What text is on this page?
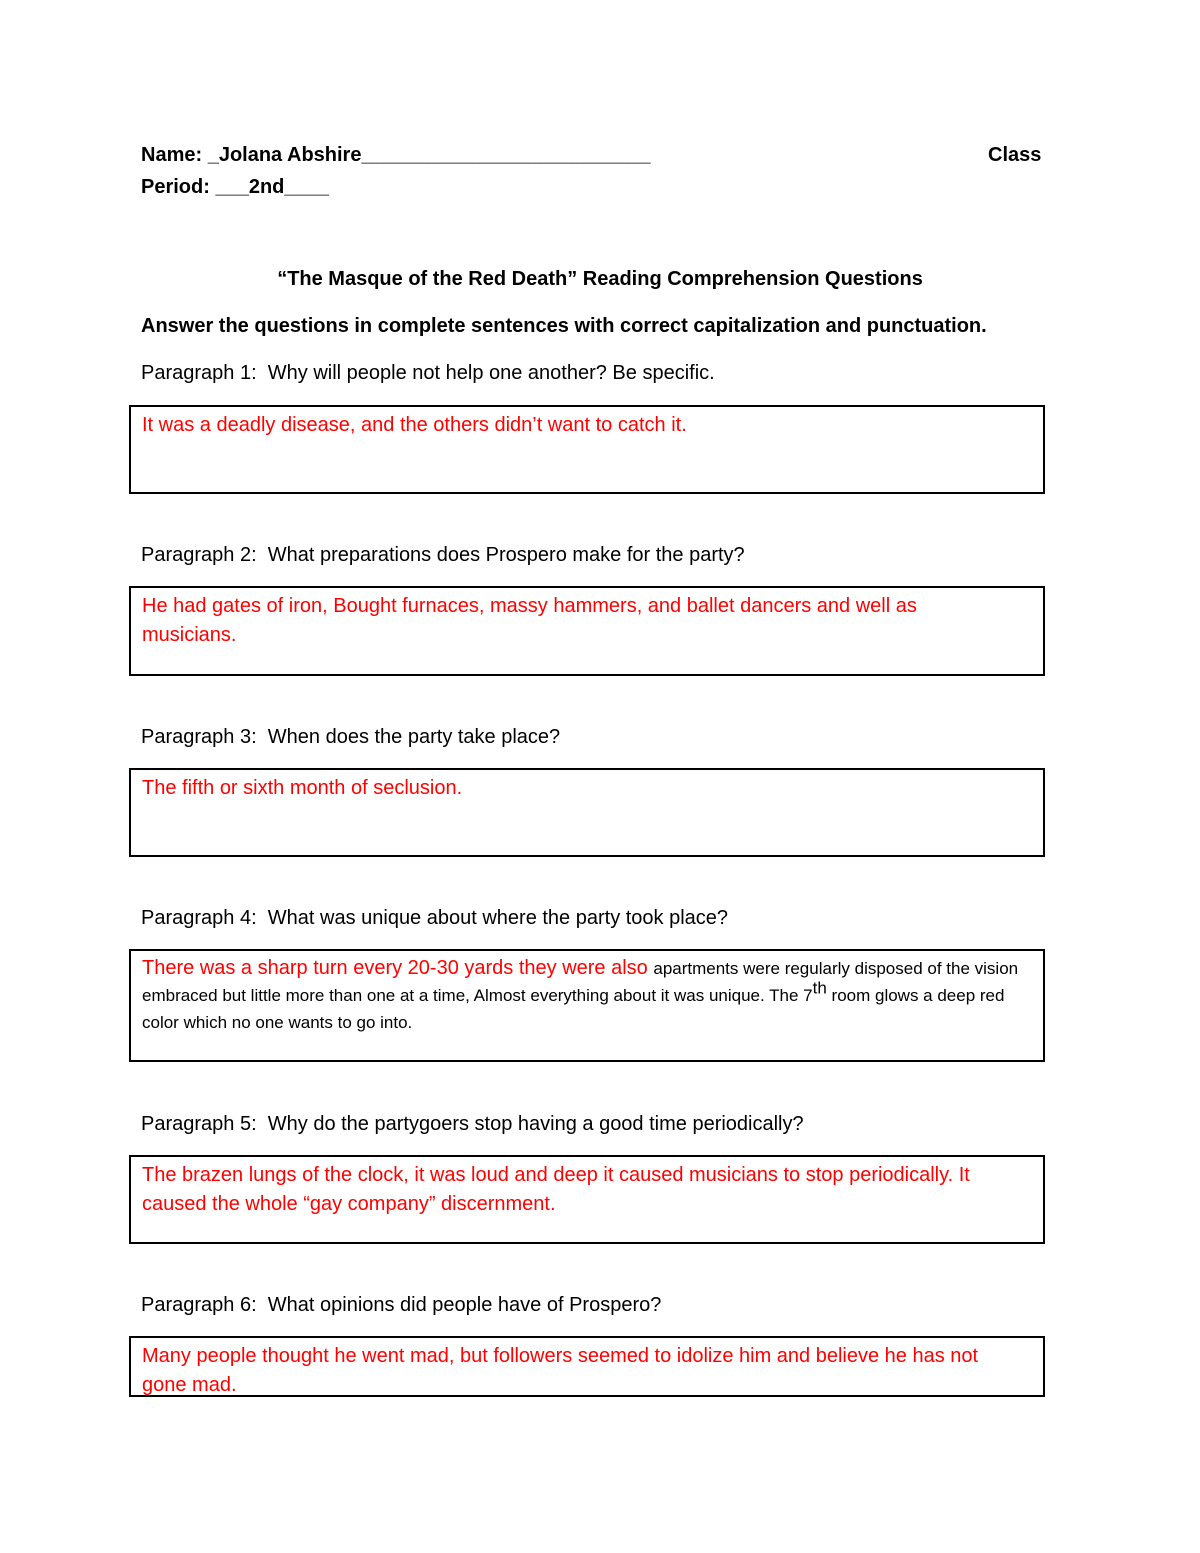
Name: _Jolana Abshire__________________________	Class
Period: ___2nd____
“The Masque of the Red Death” Reading Comprehension Questions
Answer the questions in complete sentences with correct capitalization and punctuation.
Paragraph 1: Why will people not help one another? Be specific.
It was a deadly disease, and the others didn’t want to catch it.
Paragraph 2: What preparations does Prospero make for the party?
He had gates of iron, Bought furnaces, massy hammers, and ballet dancers and well as musicians.
Paragraph 3: When does the party take place?
The fifth or sixth month of seclusion.
Paragraph 4: What was unique about where the party took place?
There was a sharp turn every 20-30 yards they were also apartments were regularly disposed of the vision embraced but little more than one at a time, Almost everything about it was unique. The 7th room glows a deep red color which no one wants to go into.
Paragraph 5: Why do the partygoers stop having a good time periodically?
The brazen lungs of the clock, it was loud and deep it caused musicians to stop periodically. It caused the whole “gay company” discernment.
Paragraph 6: What opinions did people have of Prospero?
Many people thought he went mad, but followers seemed to idolize him and believe he has not gone mad.
